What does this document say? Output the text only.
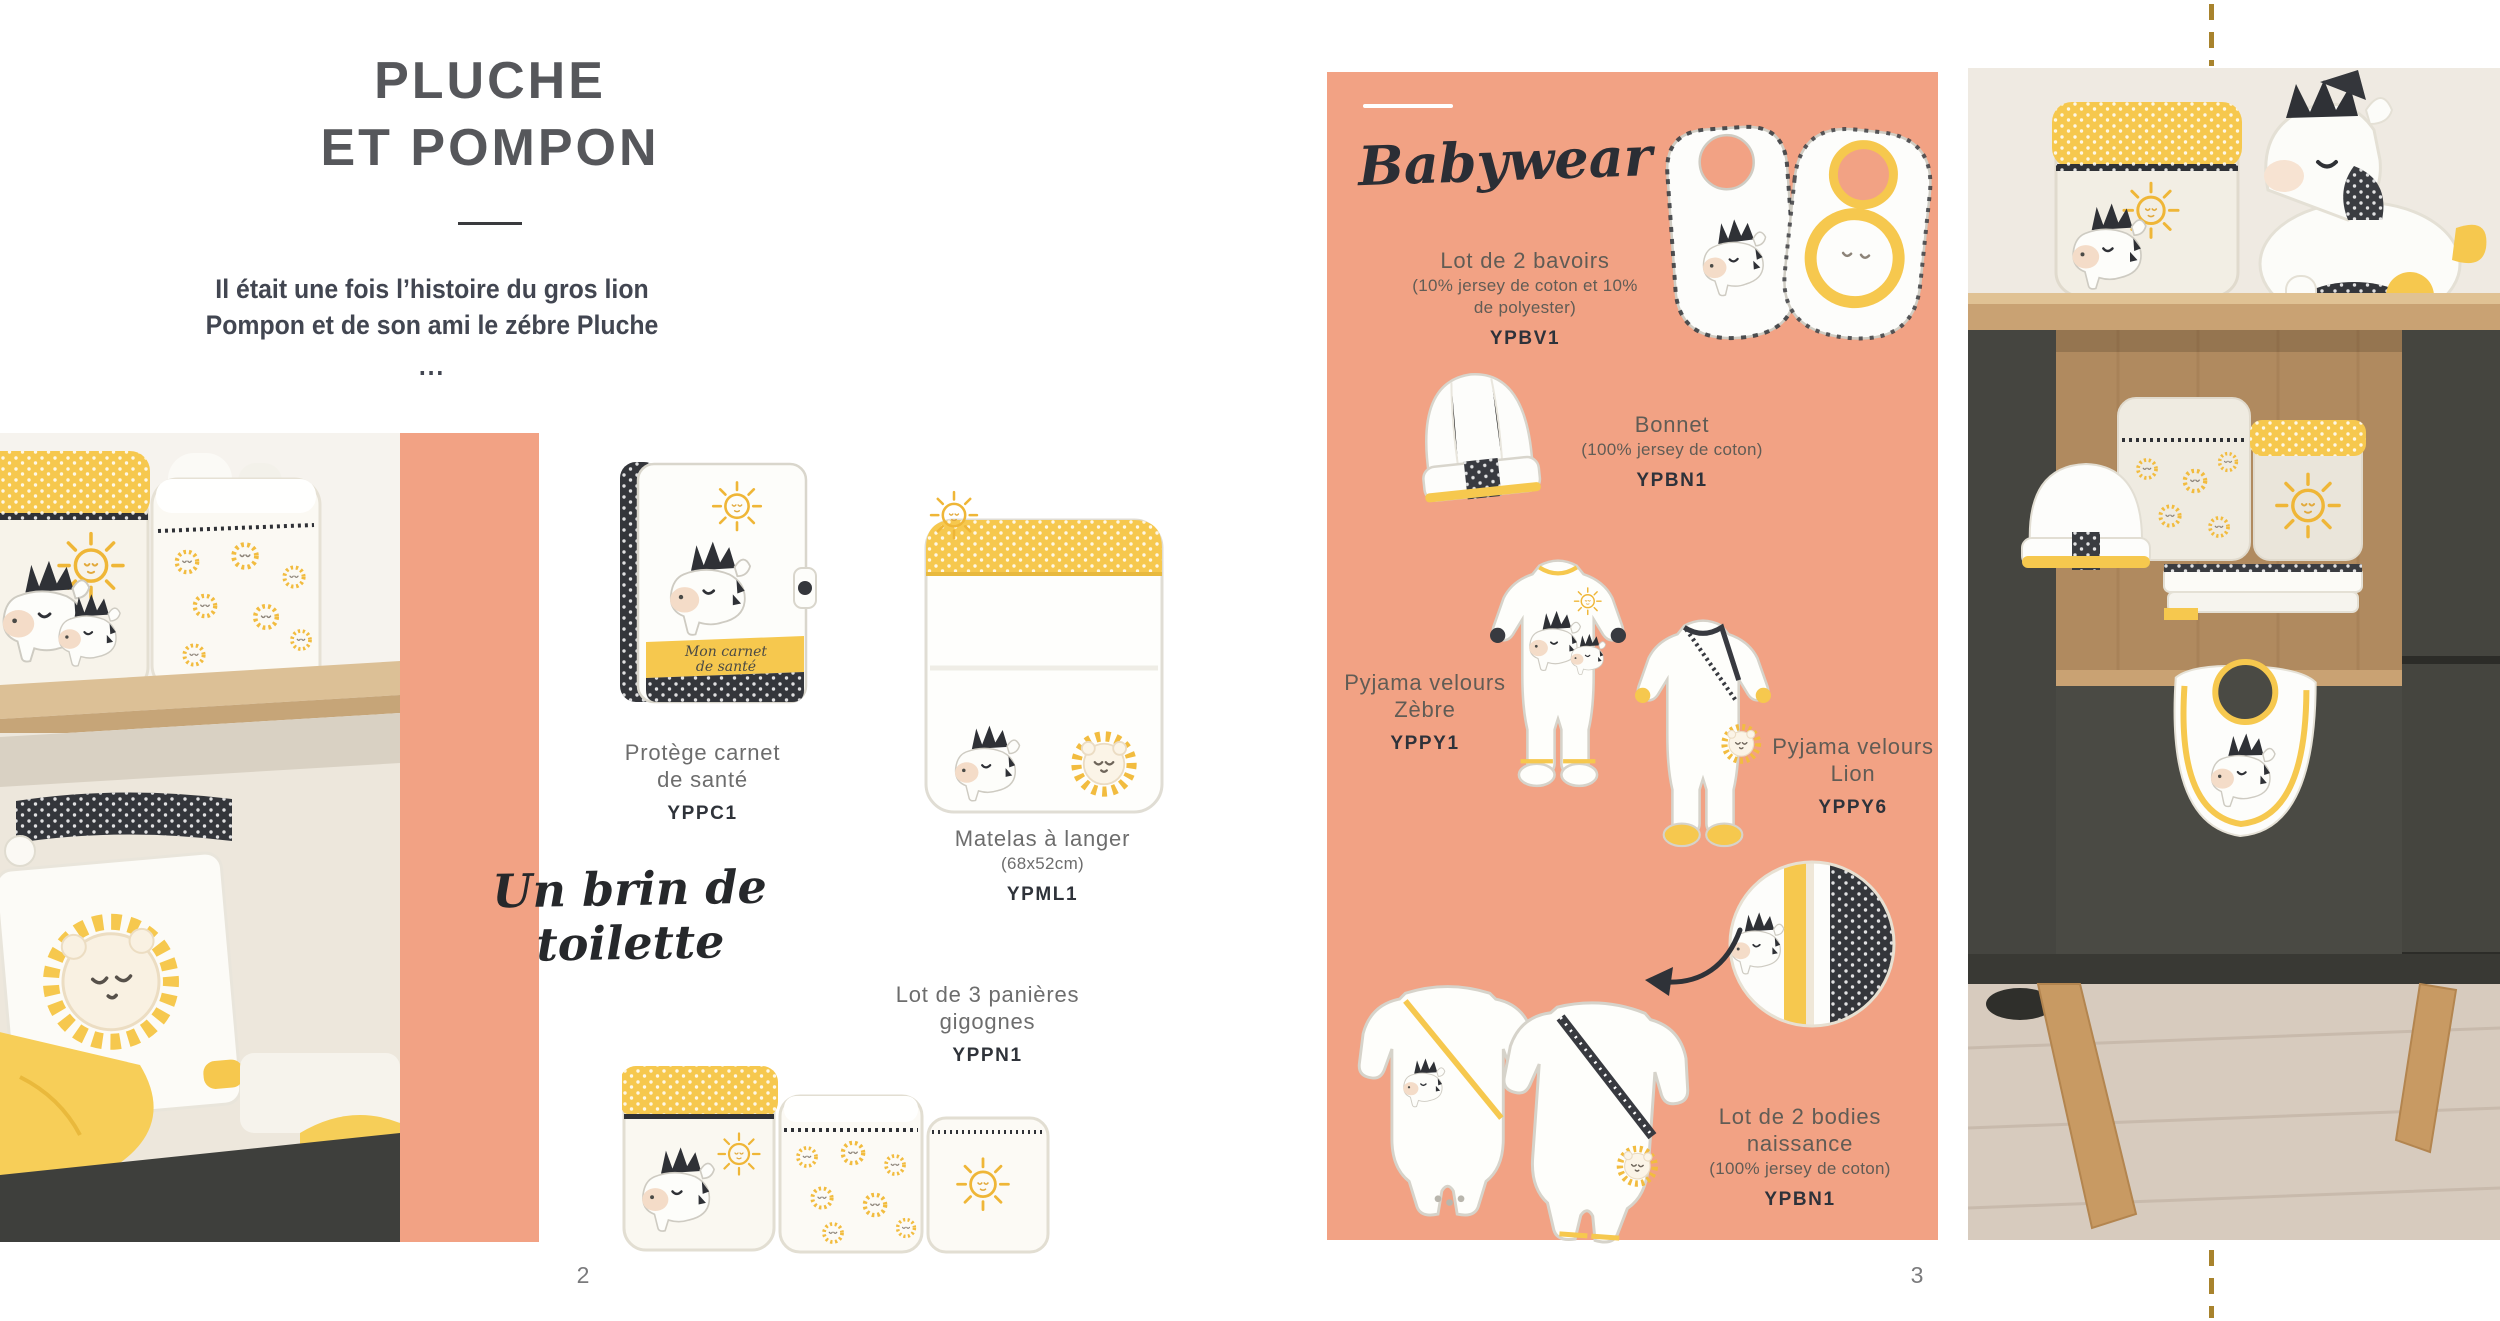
PLUCHE
ET POMPON
Il était une fois l’histoire du gros lion
Pompon et de son ami le zébre Pluche
...
Mon carnet
de santé
Protège carnet
de santé
YPPC1
Matelas à langer
(68x52cm)
YPML1
Un brin de toilette
Lot de 3 panières
gigognes
YPPN1
2
Babywear
Lot de 2 bavoirs
(10% jersey de coton et 10%
de polyester)
YPBV1
Bonnet
(100% jersey de coton)
YPBN1
Pyjama velours
Zèbre
YPPY1	Pyjama velours
Lion
YPPY6
Lot de 2 bodies
naissance
(100% jersey de coton)
YPBN1
3
